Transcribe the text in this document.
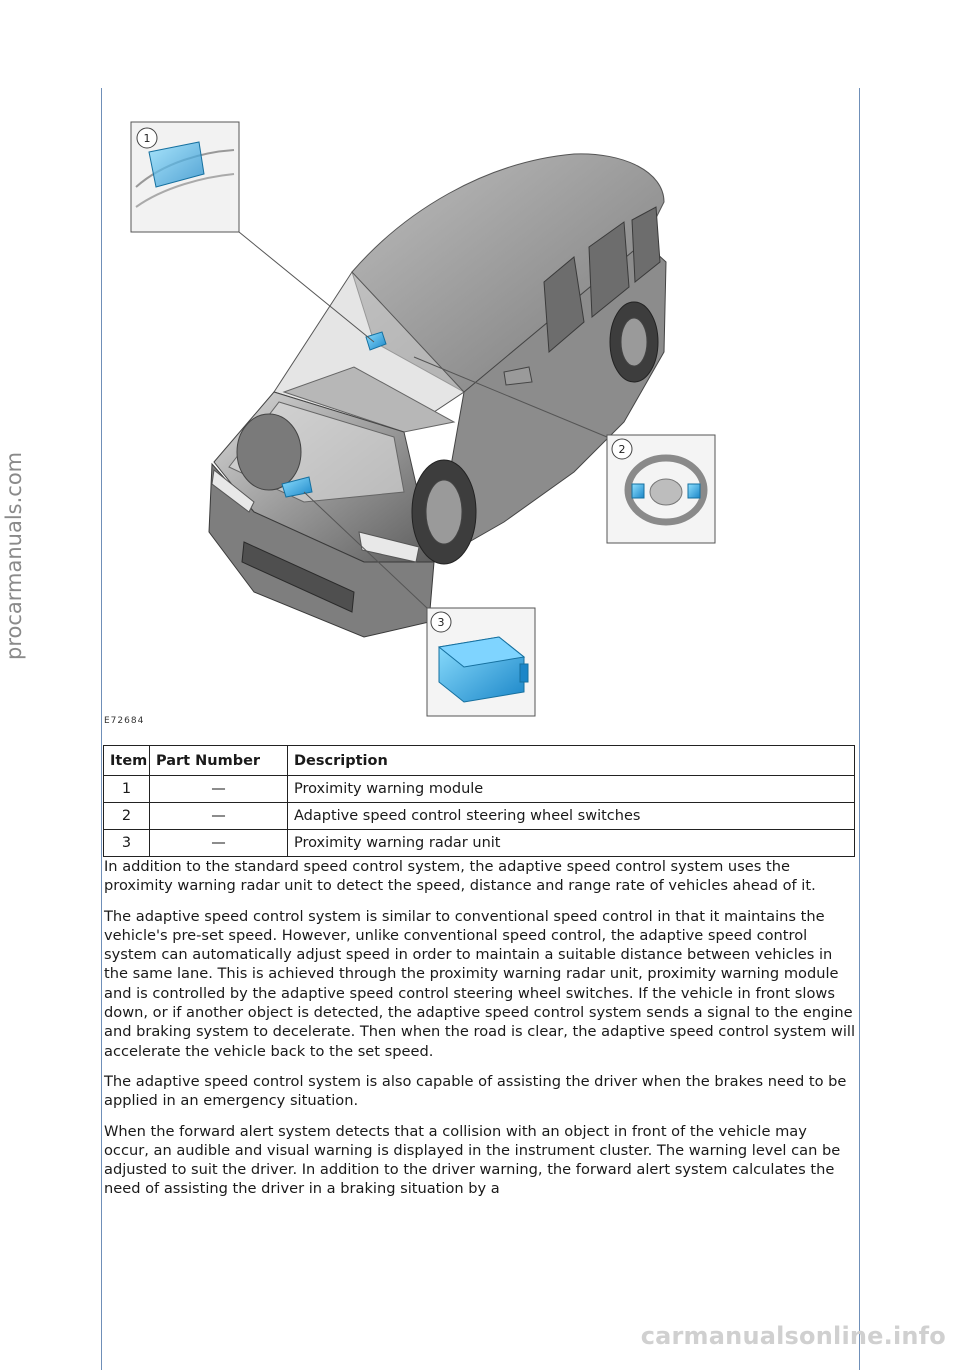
procarmanuals.com
1
2
3
E72684
Item	Part Number	Description
1	—	Proximity warning module
2	—	Adaptive speed control steering wheel switches
3	—	Proximity warning radar unit

In addition to the standard speed control system, the adaptive speed control system uses the proximity warning radar unit to detect the speed, distance and range rate of vehicles ahead of it.

The adaptive speed control system is similar to conventional speed control in that it maintains the vehicle's pre-set speed. However, unlike conventional speed control, the adaptive speed control system can automatically adjust speed in order to maintain a suitable distance between vehicles in the same lane. This is achieved through the proximity warning radar unit, proximity warning module and is controlled by the adaptive speed control steering wheel switches. If the vehicle in front slows down, or if another object is detected, the adaptive speed control system sends a signal to the engine and braking system to decelerate. Then when the road is clear, the adaptive speed control system will accelerate the vehicle back to the set speed.

The adaptive speed control system is also capable of assisting the driver when the brakes need to be applied in an emergency situation.

When the forward alert system detects that a collision with an object in front of the vehicle may occur, an audible and visual warning is displayed in the instrument cluster. The warning level can be adjusted to suit the driver. In addition to the driver warning, the forward alert system calculates the need of assisting the driver in a braking situation by a

carmanualsonline.info
